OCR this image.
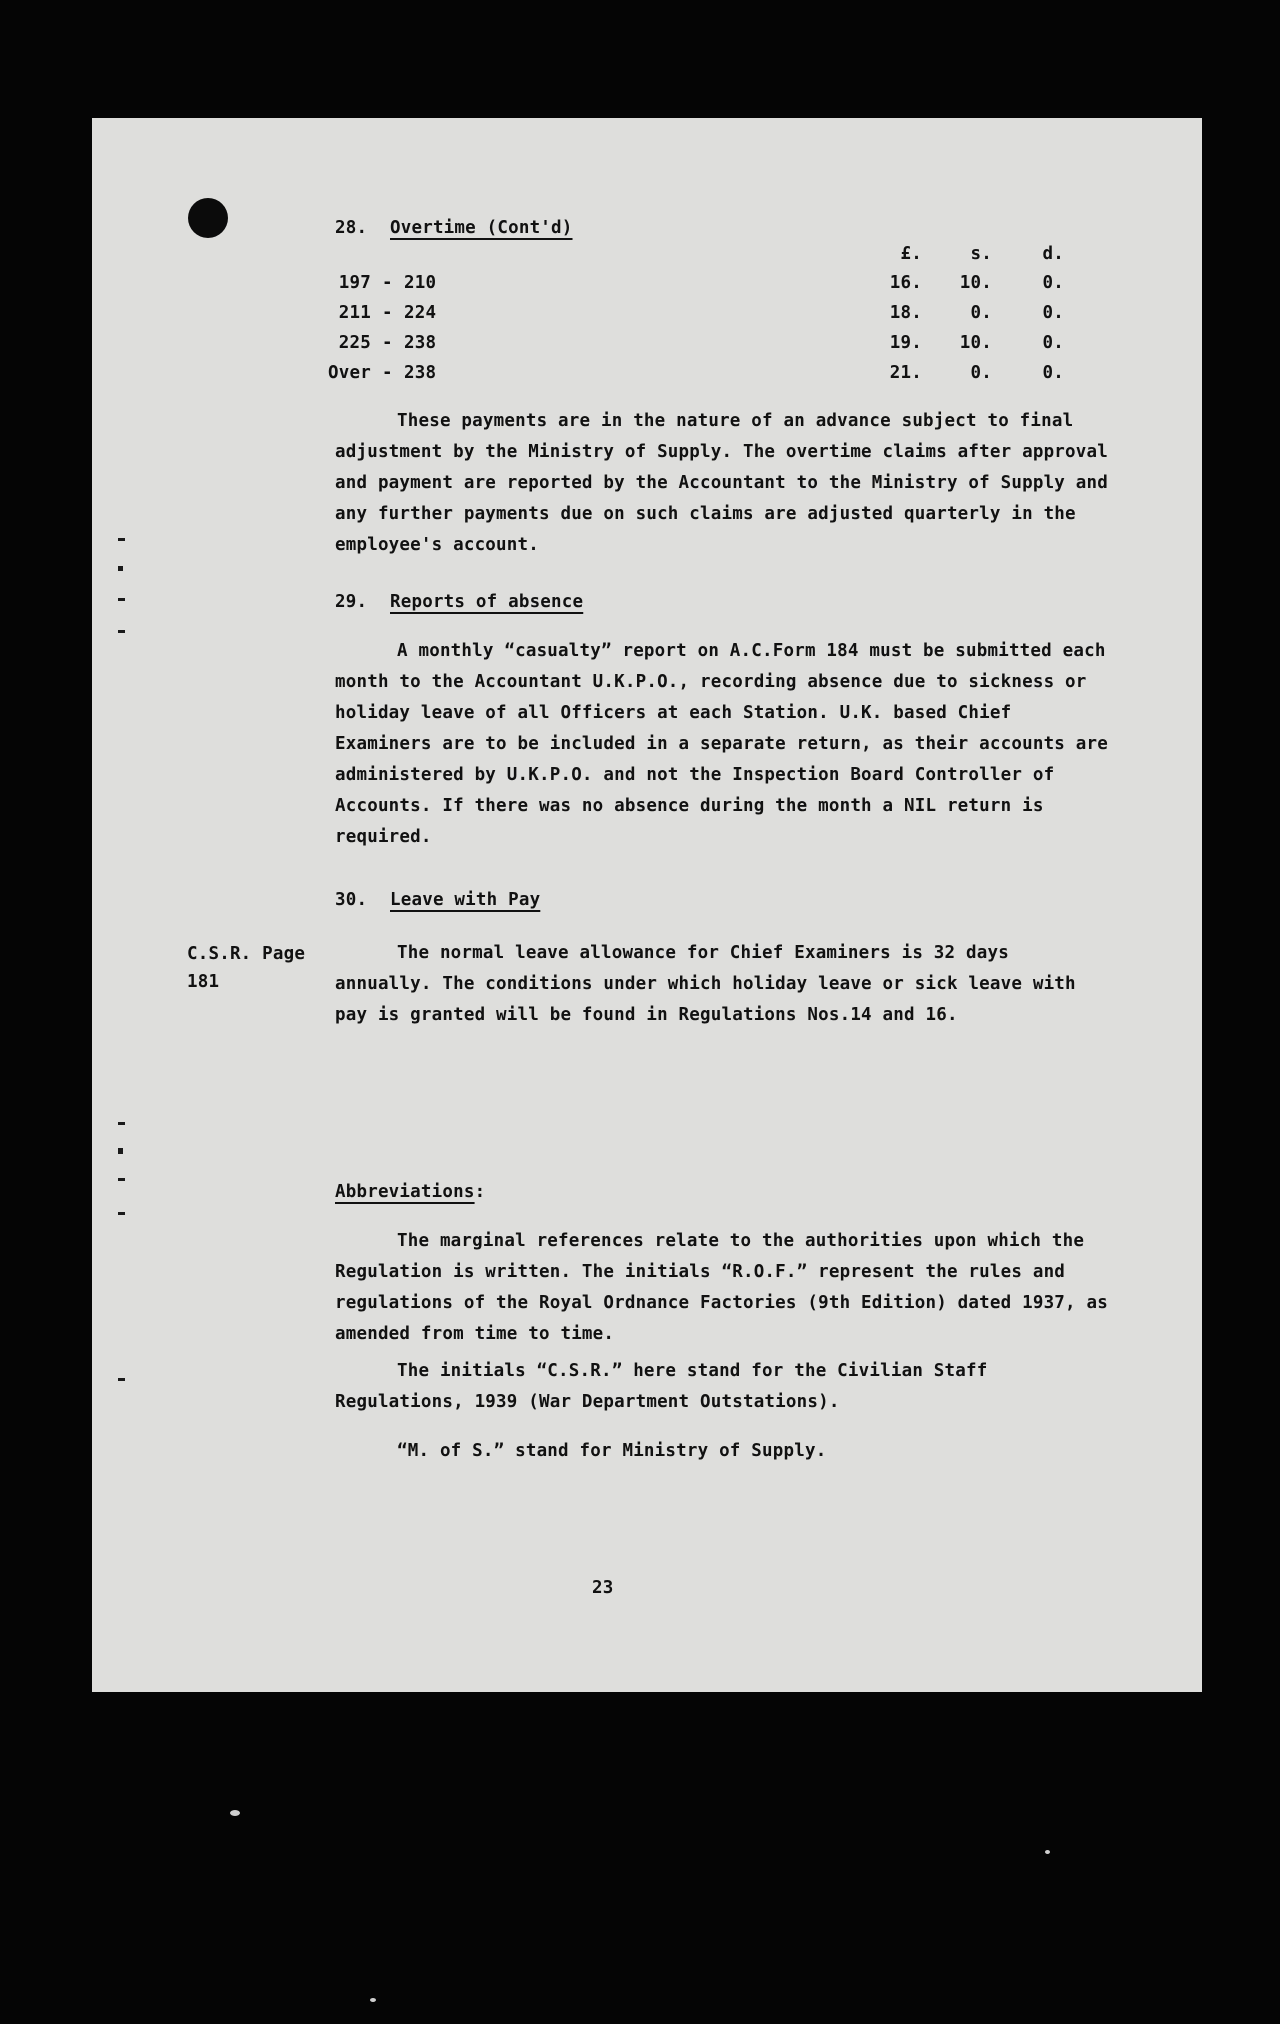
28. Overtime (Cont'd)
£.	s.	d.
197 - 210	16.	10.	0.
211 - 224	18.	0.	0.
225 - 238	19.	10.	0.
Over - 238	21.	0.	0.
These payments are in the nature of an advance subject to final adjustment by the Ministry of Supply. The overtime claims after approval and payment are reported by the Accountant to the Ministry of Supply and any further payments due on such claims are adjusted quarterly in the employee's account.
29. Reports of absence
A monthly “casualty” report on A.C.Form 184 must be submitted each month to the Accountant U.K.P.O., recording absence due to sickness or holiday leave of all Officers at each Station. U.K. based Chief Examiners are to be included in a separate return, as their accounts are administered by U.K.P.O. and not the Inspection Board Controller of Accounts. If there was no absence during the month a NIL return is required.
30. Leave with Pay
C.S.R. Page
181
The normal leave allowance for Chief Examiners is 32 days annually. The conditions under which holiday leave or sick leave with pay is granted will be found in Regulations Nos.14 and 16.
Abbreviations:
The marginal references relate to the authorities upon which the Regulation is written. The initials “R.O.F.” represent the rules and regulations of the Royal Ordnance Factories (9th Edition) dated 1937, as amended from time to time.
The initials “C.S.R.” here stand for the Civilian Staff Regulations, 1939 (War Department Outstations).
“M. of S.” stand for Ministry of Supply.
23
